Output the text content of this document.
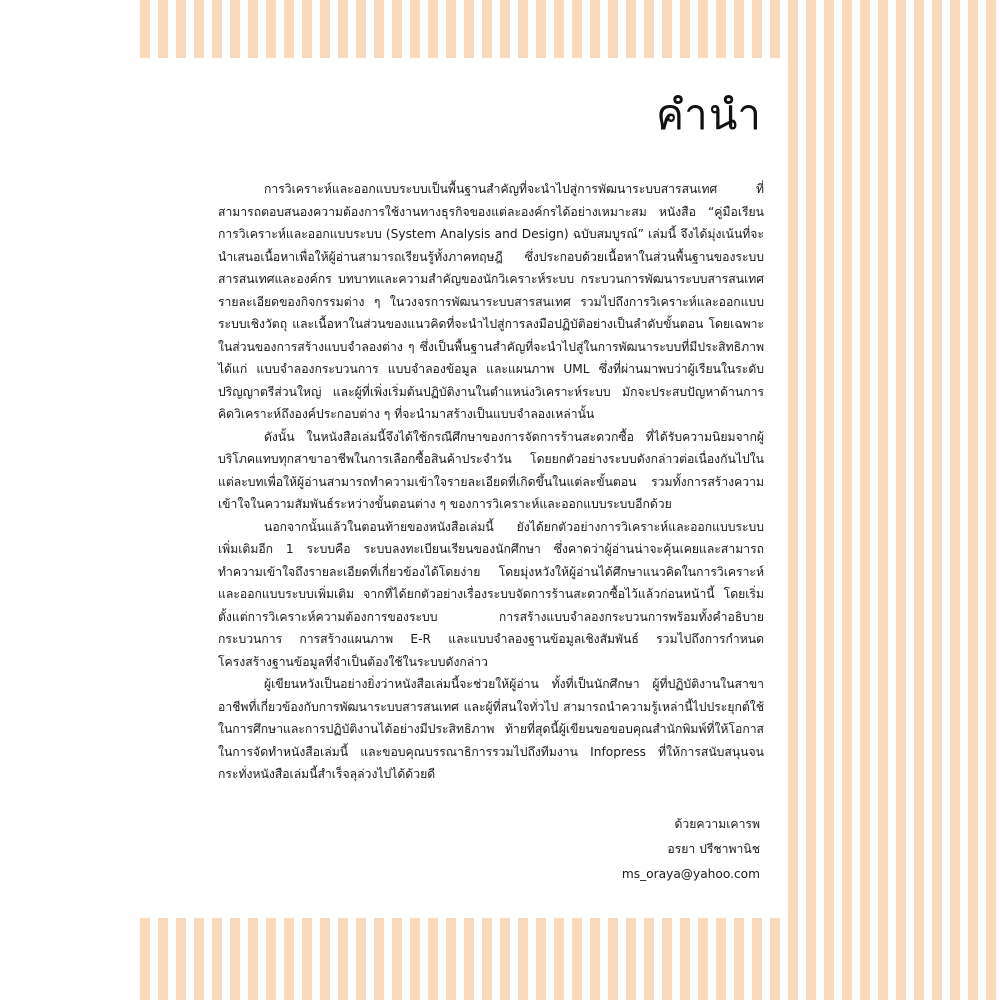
คำนำ

การวิเคราะห์และออกแบบระบบเป็นพื้นฐานสำคัญที่จะนำไปสู่การพัฒนาระบบสารสนเทศ ที่สามารถตอบสนองความต้องการใช้งานทางธุรกิจของแต่ละองค์กรได้อย่างเหมาะสม หนังสือ “คู่มือเรียน การวิเคราะห์และออกแบบระบบ (System Analysis and Design) ฉบับสมบูรณ์” เล่มนี้ จึงได้มุ่งเน้นที่จะนำเสนอเนื้อหาเพื่อให้ผู้อ่านสามารถเรียนรู้ทั้งภาคทฤษฎี ซึ่งประกอบด้วยเนื้อหาในส่วนพื้นฐานของระบบสารสนเทศและองค์กร บทบาทและความสำคัญของนักวิเคราะห์ระบบ กระบวนการพัฒนาระบบสารสนเทศ รายละเอียดของกิจกรรมต่าง ๆ ในวงจรการพัฒนาระบบสารสนเทศ รวมไปถึงการวิเคราะห์และออกแบบระบบเชิงวัตถุ และเนื้อหาในส่วนของแนวคิดที่จะนำไปสู่การลงมือปฏิบัติอย่างเป็นลำดับขั้นตอน โดยเฉพาะในส่วนของการสร้างแบบจำลองต่าง ๆ ซึ่งเป็นพื้นฐานสำคัญที่จะนำไปสู่ในการพัฒนาระบบที่มีประสิทธิภาพ ได้แก่ แบบจำลองกระบวนการ แบบจำลองข้อมูล และแผนภาพ UML ซึ่งที่ผ่านมาพบว่าผู้เรียนในระดับปริญญาตรีส่วนใหญ่ และผู้ที่เพิ่งเริ่มต้นปฏิบัติงานในตำแหน่งวิเคราะห์ระบบ มักจะประสบปัญหาด้านการคิดวิเคราะห์ถึงองค์ประกอบต่าง ๆ ที่จะนำมาสร้างเป็นแบบจำลองเหล่านั้น

ดังนั้น ในหนังสือเล่มนี้จึงได้ใช้กรณีศึกษาของการจัดการร้านสะดวกซื้อ ที่ได้รับความนิยมจากผู้บริโภคแทบทุกสาขาอาชีพในการเลือกซื้อสินค้าประจำวัน โดยยกตัวอย่างระบบดังกล่าวต่อเนื่องกันไปในแต่ละบทเพื่อให้ผู้อ่านสามารถทำความเข้าใจรายละเอียดที่เกิดขึ้นในแต่ละขั้นตอน รวมทั้งการสร้างความเข้าใจในความสัมพันธ์ระหว่างขั้นตอนต่าง ๆ ของการวิเคราะห์และออกแบบระบบอีกด้วย

นอกจากนั้นแล้วในตอนท้ายของหนังสือเล่มนี้ ยังได้ยกตัวอย่างการวิเคราะห์และออกแบบระบบเพิ่มเติมอีก 1 ระบบคือ ระบบลงทะเบียนเรียนของนักศึกษา ซึ่งคาดว่าผู้อ่านน่าจะคุ้นเคยและสามารถทำความเข้าใจถึงรายละเอียดที่เกี่ยวข้องได้โดยง่าย โดยมุ่งหวังให้ผู้อ่านได้ศึกษาแนวคิดในการวิเคราะห์และออกแบบระบบเพิ่มเติม จากที่ได้ยกตัวอย่างเรื่องระบบจัดการร้านสะดวกซื้อไว้แล้วก่อนหน้านี้ โดยเริ่มตั้งแต่การวิเคราะห์ความต้องการของระบบ การสร้างแบบจำลองกระบวนการพร้อมทั้งคำอธิบายกระบวนการ การสร้างแผนภาพ E-R และแบบจำลองฐานข้อมูลเชิงสัมพันธ์ รวมไปถึงการกำหนดโครงสร้างฐานข้อมูลที่จำเป็นต้องใช้ในระบบดังกล่าว

ผู้เขียนหวังเป็นอย่างยิ่งว่าหนังสือเล่มนี้จะช่วยให้ผู้อ่าน ทั้งที่เป็นนักศึกษา ผู้ที่ปฏิบัติงานในสาขาอาชีพที่เกี่ยวข้องกับการพัฒนาระบบสารสนเทศ และผู้ที่สนใจทั่วไป สามารถนำความรู้เหล่านี้ไปประยุกต์ใช้ในการศึกษาและการปฏิบัติงานได้อย่างมีประสิทธิภาพ ท้ายที่สุดนี้ผู้เขียนขอขอบคุณสำนักพิมพ์ที่ให้โอกาสในการจัดทำหนังสือเล่มนี้ และขอบคุณบรรณาธิการรวมไปถึงทีมงาน Infopress ที่ให้การสนับสนุนจนกระทั่งหนังสือเล่มนี้สำเร็จลุล่วงไปได้ด้วยดี

ด้วยความเคารพ
อรยา ปรีชาพานิช
ms_oraya@yahoo.com
